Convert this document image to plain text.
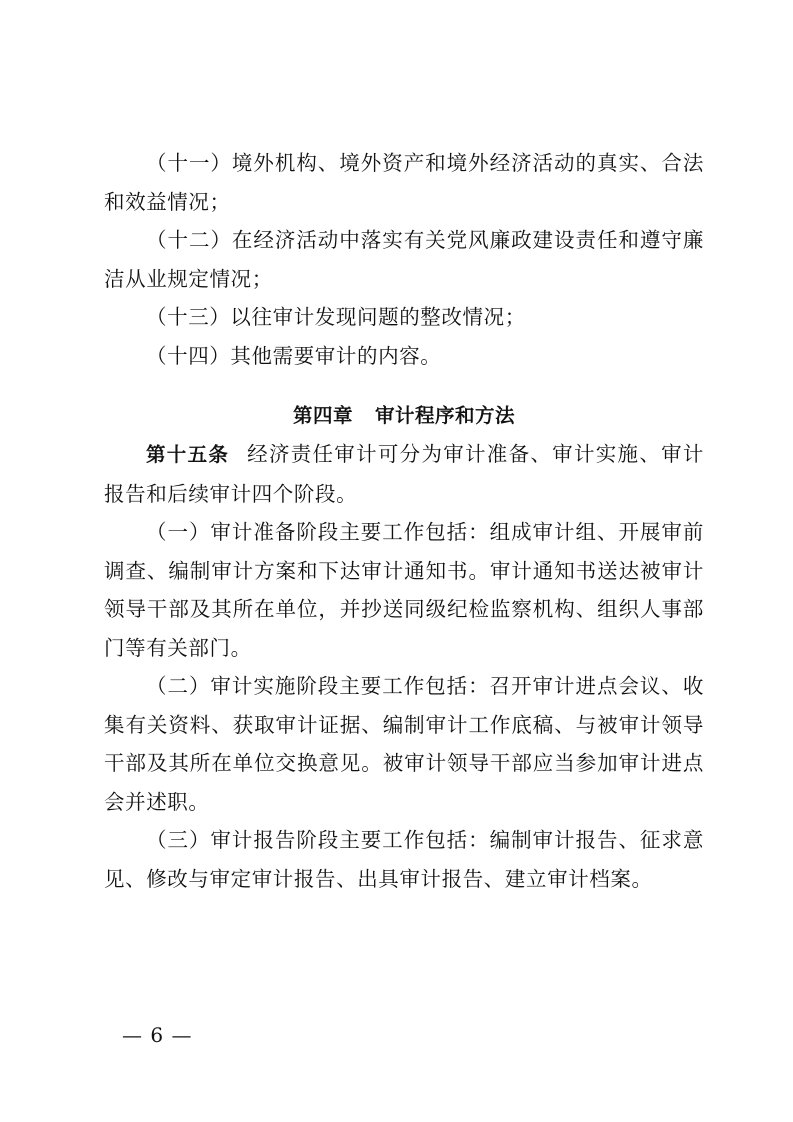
（十一）境外机构、境外资产和境外经济活动的真实、合法和效益情况；

（十二）在经济活动中落实有关党风廉政建设责任和遵守廉洁从业规定情况；

（十三）以往审计发现问题的整改情况；

（十四）其他需要审计的内容。

第四章 审计程序和方法

第十五条 经济责任审计可分为审计准备、审计实施、审计报告和后续审计四个阶段。

（一）审计准备阶段主要工作包括：组成审计组、开展审前调查、编制审计方案和下达审计通知书。审计通知书送达被审计领导干部及其所在单位，并抄送同级纪检监察机构、组织人事部门等有关部门。

（二）审计实施阶段主要工作包括：召开审计进点会议、收集有关资料、获取审计证据、编制审计工作底稿、与被审计领导干部及其所在单位交换意见。被审计领导干部应当参加审计进点会并述职。

（三）审计报告阶段主要工作包括：编制审计报告、征求意见、修改与审定审计报告、出具审计报告、建立审计档案。

— 6 —
